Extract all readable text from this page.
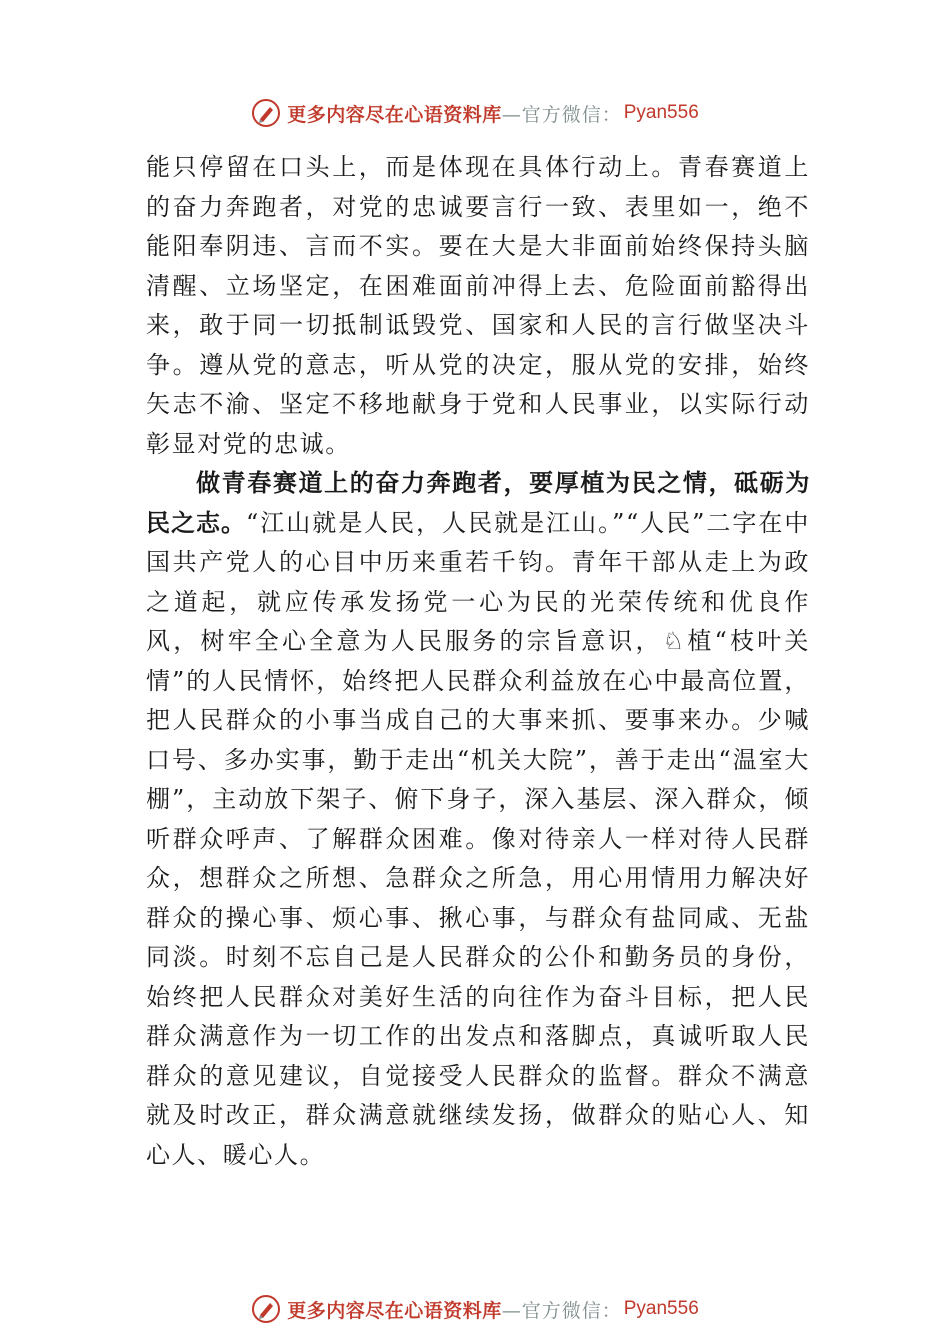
更多内容尽在心语资料库 —官方微信： Pyan556

能只停留在口头上，而是体现在具体行动上。青春赛道上的奋力奔跑者，对党的忠诚要言行一致、表里如一，绝不能阳奉阴违、言而不实。要在大是大非面前始终保持头脑清醒、立场坚定，在困难面前冲得上去、危险面前豁得出来，敢于同一切抵制诋毁党、国家和人民的言行做坚决斗争。遵从党的意志，听从党的决定，服从党的安排，始终矢志不渝、坚定不移地献身于党和人民事业，以实际行动彰显对党的忠诚。

做青春赛道上的奋力奔跑者，要厚植为民之情，砥砺为民之志。“江山就是人民，人民就是江山。”“人民”二字在中国共产党人的心目中历来重若千钧。青年干部从走上为政之道起，就应传承发扬党一心为民的光荣传统和优良作风，树牢全心全意为人民服务的宗旨意识，♘植“枝叶关情”的人民情怀，始终把人民群众利益放在心中最高位置，把人民群众的小事当成自己的大事来抓、要事来办。少喊口号、多办实事，勤于走出“机关大院”，善于走出“温室大棚”，主动放下架子、俯下身子，深入基层、深入群众，倾听群众呼声、了解群众困难。像对待亲人一样对待人民群众，想群众之所想、急群众之所急，用心用情用力解决好群众的操心事、烦心事、揪心事，与群众有盐同咸、无盐同淡。时刻不忘自己是人民群众的公仆和勤务员的身份，始终把人民群众对美好生活的向往作为奋斗目标，把人民群众满意作为一切工作的出发点和落脚点，真诚听取人民群众的意见建议，自觉接受人民群众的监督。群众不满意就及时改正，群众满意就继续发扬，做群众的贴心人、知心人、暖心人。

更多内容尽在心语资料库 —官方微信： Pyan556
